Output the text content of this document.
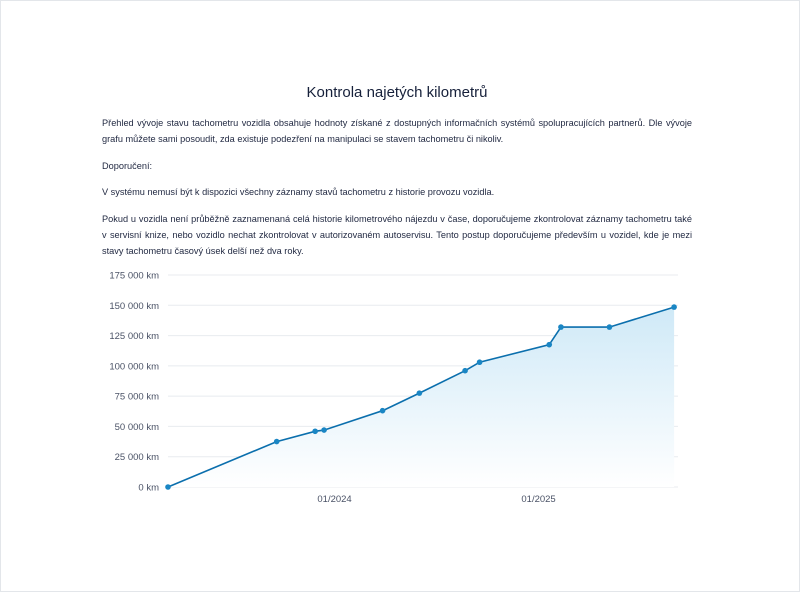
Kontrola najetých kilometrů

Přehled vývoje stavu tachometru vozidla obsahuje hodnoty získané z dostupných informačních systémů spolupracujících partnerů. Dle vývoje grafu můžete sami posoudit, zda existuje podezření na manipulaci se stavem tachometru či nikoliv.

Doporučení:

V systému nemusí být k dispozici všechny záznamy stavů tachometru z historie provozu vozidla.

Pokud u vozidla není průběžně zaznamenaná celá historie kilometrového nájezdu v čase, doporučujeme zkontrolovat záznamy tachometru také v servisní knize, nebo vozidlo nechat zkontrolovat v autorizovaném autoservisu. Tento postup doporučujeme především u vozidel, kde je mezi stavy tachometru časový úsek delší než dva roky.

0 km
25 000 km
50 000 km
75 000 km
100 000 km
125 000 km
150 000 km
175 000 km
01/2024	01/2025
